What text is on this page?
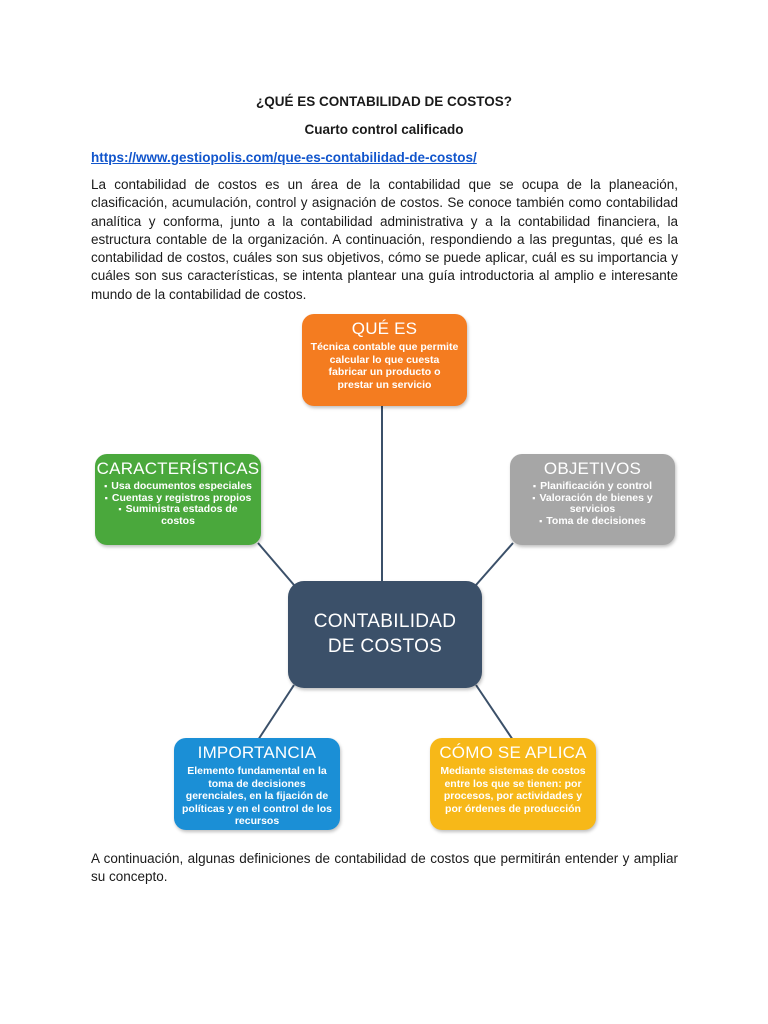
¿QUÉ ES CONTABILIDAD DE COSTOS?
Cuarto control calificado
https://www.gestiopolis.com/que-es-contabilidad-de-costos/

La contabilidad de costos es un área de la contabilidad que se ocupa de la planeación, clasificación, acumulación, control y asignación de costos. Se conoce también como contabilidad analítica y conforma, junto a la contabilidad administrativa y a la contabilidad financiera, la estructura contable de la organización. A continuación, respondiendo a las preguntas, qué es la contabilidad de costos, cuáles son sus objetivos, cómo se puede aplicar, cuál es su importancia y cuáles son sus características, se intenta plantear una guía introductoria al amplio e interesante mundo de la contabilidad de costos.

QUÉ ES
Técnica contable que permite calcular lo que cuesta fabricar un producto o prestar un servicio
CARACTERÍSTICAS
▪ Usa documentos especiales
▪ Cuentas y registros propios
▪ Suministra estados de costos
OBJETIVOS
▪ Planificación y control
▪ Valoración de bienes y servicios
▪ Toma de decisiones
CONTABILIDAD
DE COSTOS
IMPORTANCIA
Elemento fundamental en la toma de decisiones gerenciales, en la fijación de políticas y en el control de los recursos
CÓMO SE APLICA
Mediante sistemas de costos entre los que se tienen: por procesos, por actividades y por órdenes de producción

A continuación, algunas definiciones de contabilidad de costos que permitirán entender y ampliar su concepto.
